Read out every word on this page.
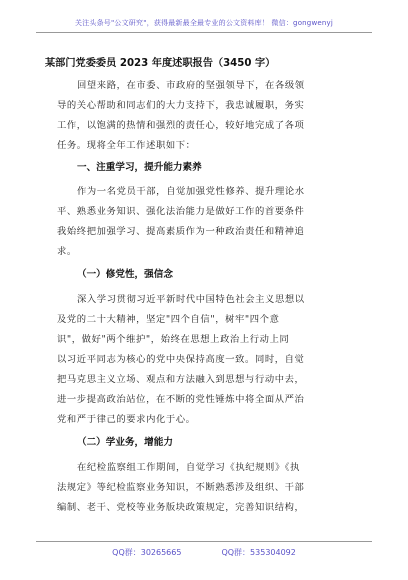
关注头条号"公文研究"，获得最新最全最专业的公文资料库！ 微信：gongwenyj
某部门党委委员 2023 年度述职报告（3450 字）
回望来路，在市委、市政府的坚强领导下，在各级领
导的关心帮助和同志们的大力支持下，我忠诚履职，务实
工作，以饱满的热情和强烈的责任心，较好地完成了各项
任务。现将全年工作述职如下：
一、注重学习，提升能力素养
作为一名党员干部，自觉加强党性修养、提升理论水
平、熟悉业务知识、强化法治能力是做好工作的首要条件
我始终把加强学习、提高素质作为一种政治责任和精神追
求。
（一）修党性，强信念
深入学习贯彻习近平新时代中国特色社会主义思想以
及党的二十大精神，坚定"四个自信"，树牢"四个意
识"，做好"两个维护"，始终在思想上政治上行动上同
以习近平同志为核心的党中央保持高度一致。同时，自觉
把马克思主义立场、观点和方法融入到思想与行动中去，
进一步提高政治站位，在不断的党性锤炼中将全面从严治
党和严于律己的要求内化于心。
（二）学业务，增能力
在纪检监察组工作期间，自觉学习《执纪规则》《执
法规定》等纪检监察业务知识，不断熟悉涉及组织、干部
编制、老干、党校等业务版块政策规定，完善知识结构，
QQ群：30265665	QQ群：535304092
